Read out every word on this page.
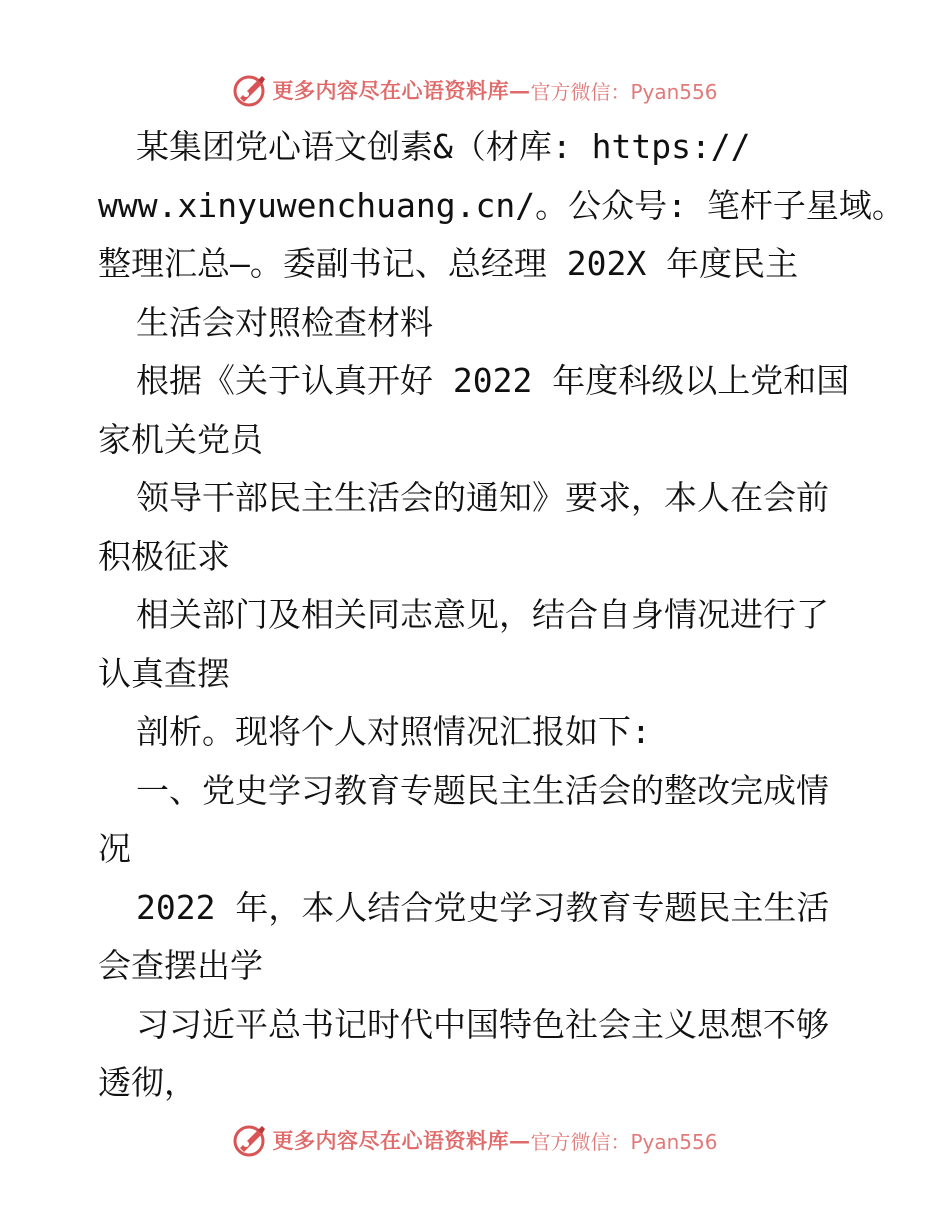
更多内容尽在心语资料库 — 官方微信：Pyan556
某集团党心语文创素&（材库: https://
www.xinyuwenchuang.cn/。公众号: 笔杆子星域。
整理汇总—。委副书记、总经理 202X 年度民主
生活会对照检查材料
根据《关于认真开好 2022 年度科级以上党和国
家机关党员
领导干部民主生活会的通知》要求，本人在会前
积极征求
相关部门及相关同志意见，结合自身情况进行了
认真查摆
剖析。现将个人对照情况汇报如下:
一、党史学习教育专题民主生活会的整改完成情
况
2022 年，本人结合党史学习教育专题民主生活
会查摆出学
习习近平总书记时代中国特色社会主义思想不够
透彻，
更多内容尽在心语资料库 — 官方微信：Pyan556
